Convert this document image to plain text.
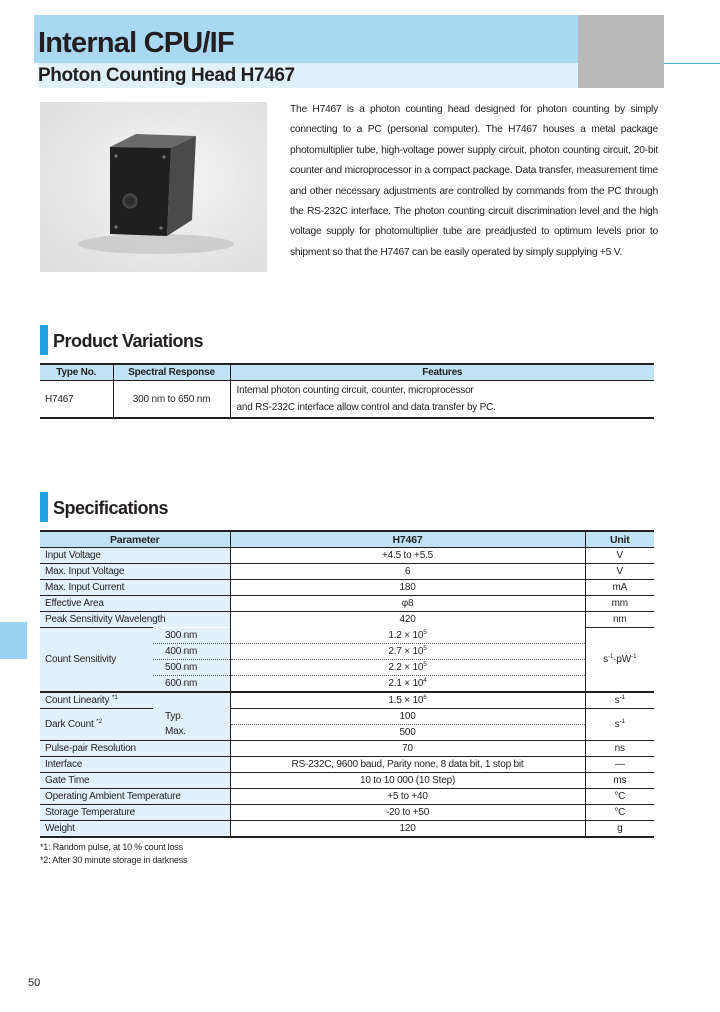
Internal CPU/IF
Photon Counting Head H7467
The H7467 is a photon counting head designed for photon counting by simply connecting to a PC (personal computer). The H7467 houses a metal package photomultiplier tube, high-voltage power supply circuit, photon counting circuit, 20-bit counter and microprocessor in a compact package. Data transfer, measurement time and other necessary adjustments are controlled by commands from the PC through the RS-232C interface. The photon counting circuit discrimination level and the high voltage supply for photomultiplier tube are preadjusted to optimum levels prior to shipment so that the H7467 can be easily operated by simply supplying +5 V.
Product Variations
Type No.	Spectral Response	Features
H7467	300 nm to 650 nm	Internal photon counting circuit, counter, microprocessor
and RS-232C interface allow control and data transfer by PC.
Specifications
Parameter		H7467	Unit
Input Voltage		+4.5 to +5.5	V
Max. Input Voltage		6	V
Max. Input Current		180	mA
Effective Area		φ8	mm
Peak Sensitivity Wavelength		420	nm
Count Sensitivity	300 nm	$1.2 \times 10^5$	$s^{-1}\cdot pW^{-1}$
	400 nm	$2.7 \times 10^5$
	500 nm	$2.2 \times 10^5$
	600 nm	$2.1 \times 10^4$
Count Linearity $^{*1}$		$1.5 \times 10^6$	$s^{-1}$
Dark Count $^{*2}$	Typ.	100	$s^{-1}$
	Max.	500	
Pulse-pair Resolution		70	ns
Interface		RS-232C, 9600 baud, Parity none, 8 data bit, 1 stop bit	—
Gate Time		10 to 10 000 (10 Step)	ms
Operating Ambient Temperature		+5 to +40	°C
Storage Temperature		-20 to +50	°C
Weight		120	g
*1: Random pulse, at 10 % count loss
*2: After 30 minute storage in darkness
50
